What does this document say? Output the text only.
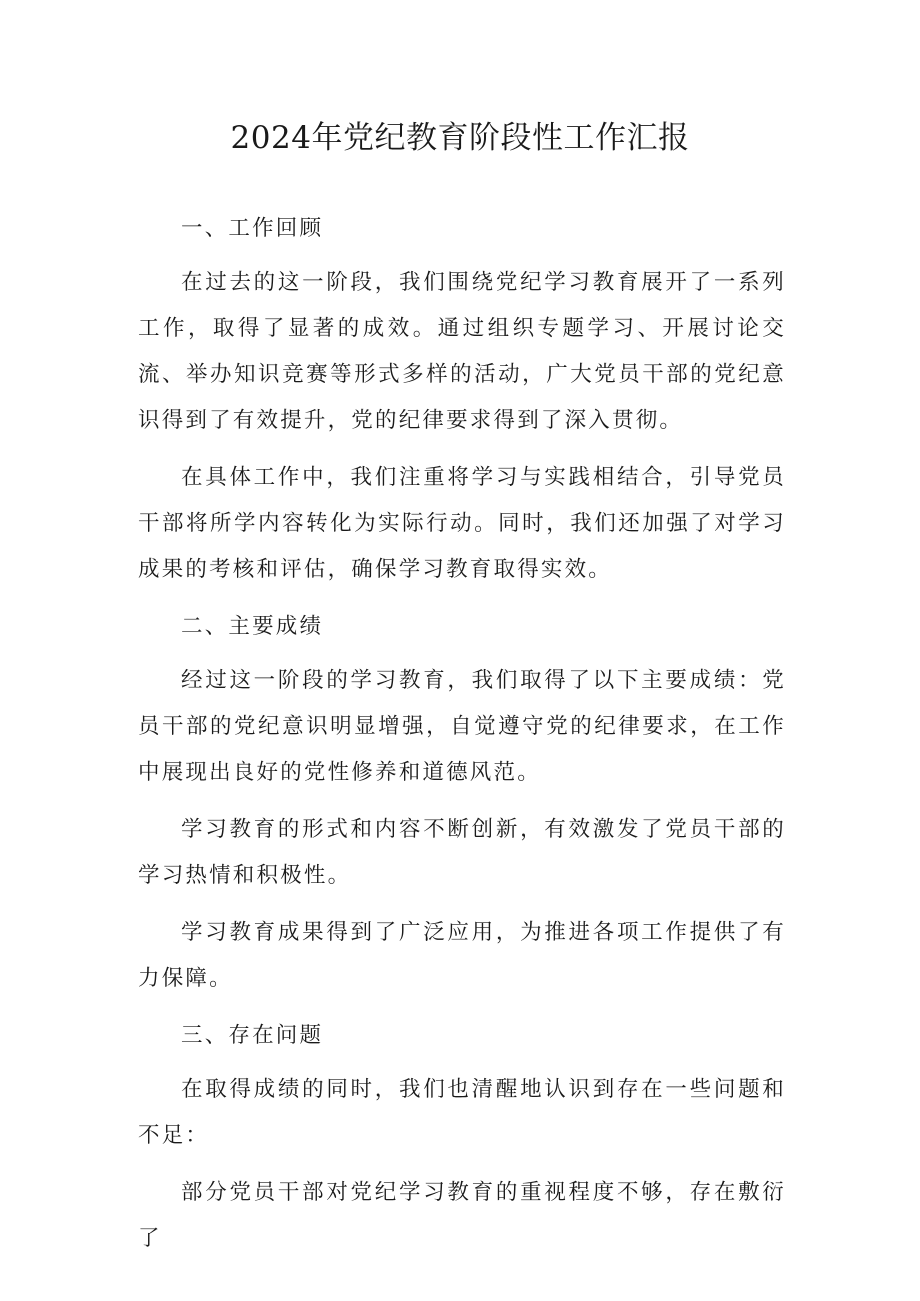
2024年党纪教育阶段性工作汇报

一、工作回顾

在过去的这一阶段，我们围绕党纪学习教育展开了一系列工作，取得了显著的成效。通过组织专题学习、开展讨论交流、举办知识竞赛等形式多样的活动，广大党员干部的党纪意识得到了有效提升，党的纪律要求得到了深入贯彻。

在具体工作中，我们注重将学习与实践相结合，引导党员干部将所学内容转化为实际行动。同时，我们还加强了对学习成果的考核和评估，确保学习教育取得实效。

二、主要成绩

经过这一阶段的学习教育，我们取得了以下主要成绩：党员干部的党纪意识明显增强，自觉遵守党的纪律要求，在工作中展现出良好的党性修养和道德风范。

学习教育的形式和内容不断创新，有效激发了党员干部的学习热情和积极性。

学习教育成果得到了广泛应用，为推进各项工作提供了有力保障。

三、存在问题

在取得成绩的同时，我们也清醒地认识到存在一些问题和不足：

部分党员干部对党纪学习教育的重视程度不够，存在敷衍了
